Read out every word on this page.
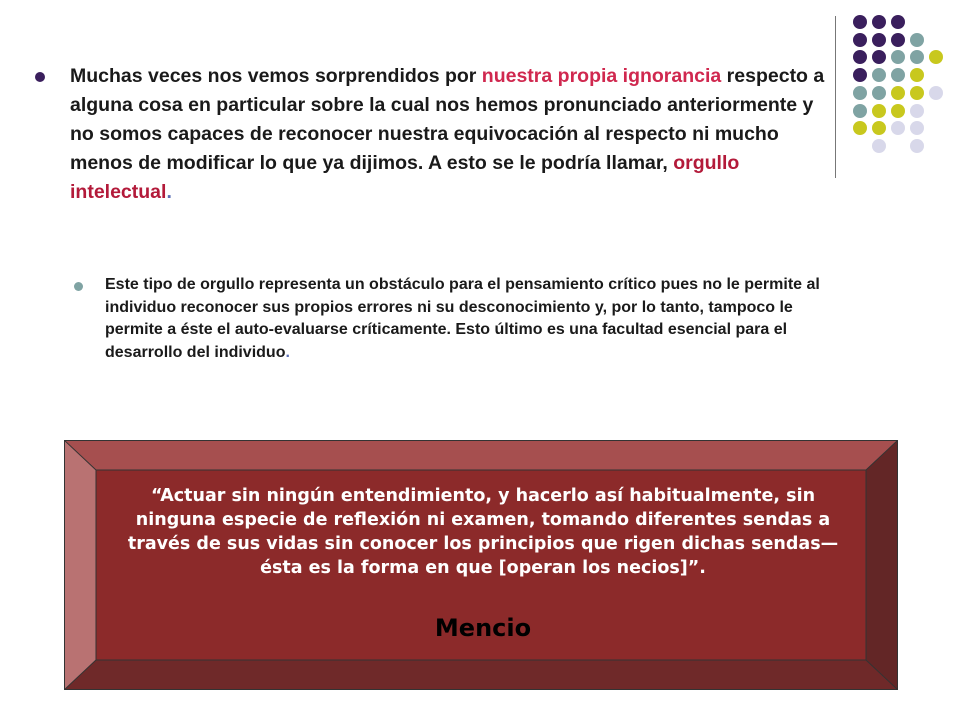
Muchas veces nos vemos sorprendidos por nuestra propia ignorancia respecto a alguna cosa en particular sobre la cual nos hemos pronunciado anteriormente y no somos capaces de reconocer nuestra equivocación al respecto ni mucho menos de modificar lo que ya dijimos. A esto se le podría llamar, orgullo intelectual.
Este tipo de orgullo representa un obstáculo para el pensamiento crítico pues no le permite al individuo reconocer sus propios errores ni su desconocimiento y, por lo tanto, tampoco le permite a éste el auto-evaluarse críticamente. Esto último es una facultad esencial para el desarrollo del individuo.
“Actuar sin ningún entendimiento, y hacerlo así habitualmente, sin ninguna especie de reflexión ni examen, tomando diferentes sendas a través de sus vidas sin conocer los principios que rigen dichas sendas—ésta es la forma en que [operan los necios]”.
Mencio
